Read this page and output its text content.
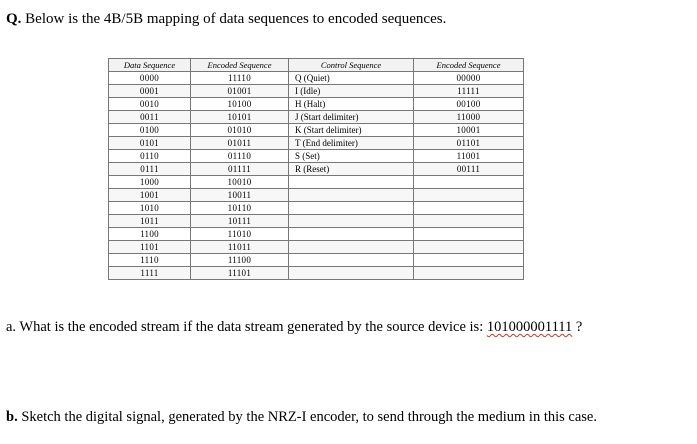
Q. Below is the 4B/5B mapping of data sequences to encoded sequences.
Data Sequence	Encoded Sequence	Control Sequence	Encoded Sequence
0000	11110	Q (Quiet)	00000
0001	01001	I (Idle)	11111
0010	10100	H (Halt)	00100
0011	10101	J (Start delimiter)	11000
0100	01010	K (Start delimiter)	10001
0101	01011	T (End delimiter)	01101
0110	01110	S (Set)	11001
0111	01111	R (Reset)	00111
1000	10010		
1001	10011		
1010	10110		
1011	10111		
1100	11010		
1101	11011		
1110	11100		
1111	11101		
a. What is the encoded stream if the data stream generated by the source device is: 101000001111 ?
b. Sketch the digital signal, generated by the NRZ-I encoder, to send through the medium in this case.
